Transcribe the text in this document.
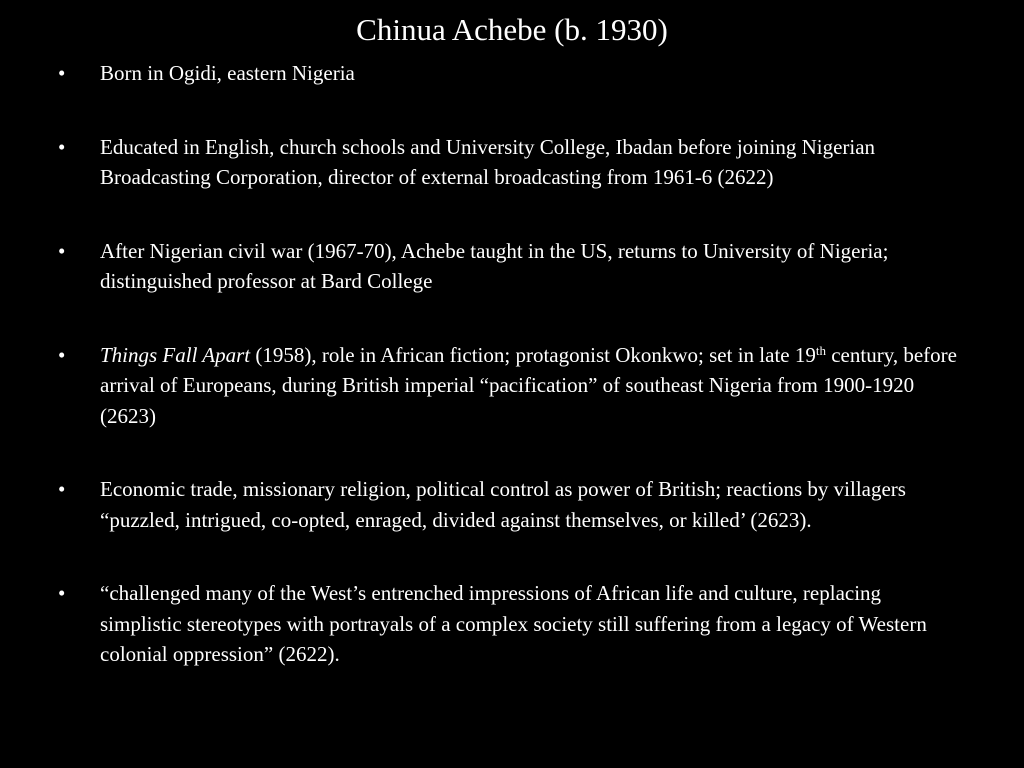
Chinua Achebe (b. 1930)
• Born in Ogidi, eastern Nigeria
• Educated in English, church schools and University College, Ibadan before joining Nigerian Broadcasting Corporation, director of external broadcasting from 1961-6 (2622)
• After Nigerian civil war (1967-70), Achebe taught in the US, returns to University of Nigeria; distinguished professor at Bard College
• Things Fall Apart (1958), role in African fiction; protagonist Okonkwo; set in late 19th century, before arrival of Europeans, during British imperial “pacification” of southeast Nigeria from 1900-1920 (2623)
• Economic trade, missionary religion, political control as power of British; reactions by villagers “puzzled, intrigued, co-opted, enraged, divided against themselves, or killed’ (2623).
• “challenged many of the West’s entrenched impressions of African life and culture, replacing simplistic stereotypes with portrayals of a complex society still suffering from a legacy of Western colonial oppression” (2622).
